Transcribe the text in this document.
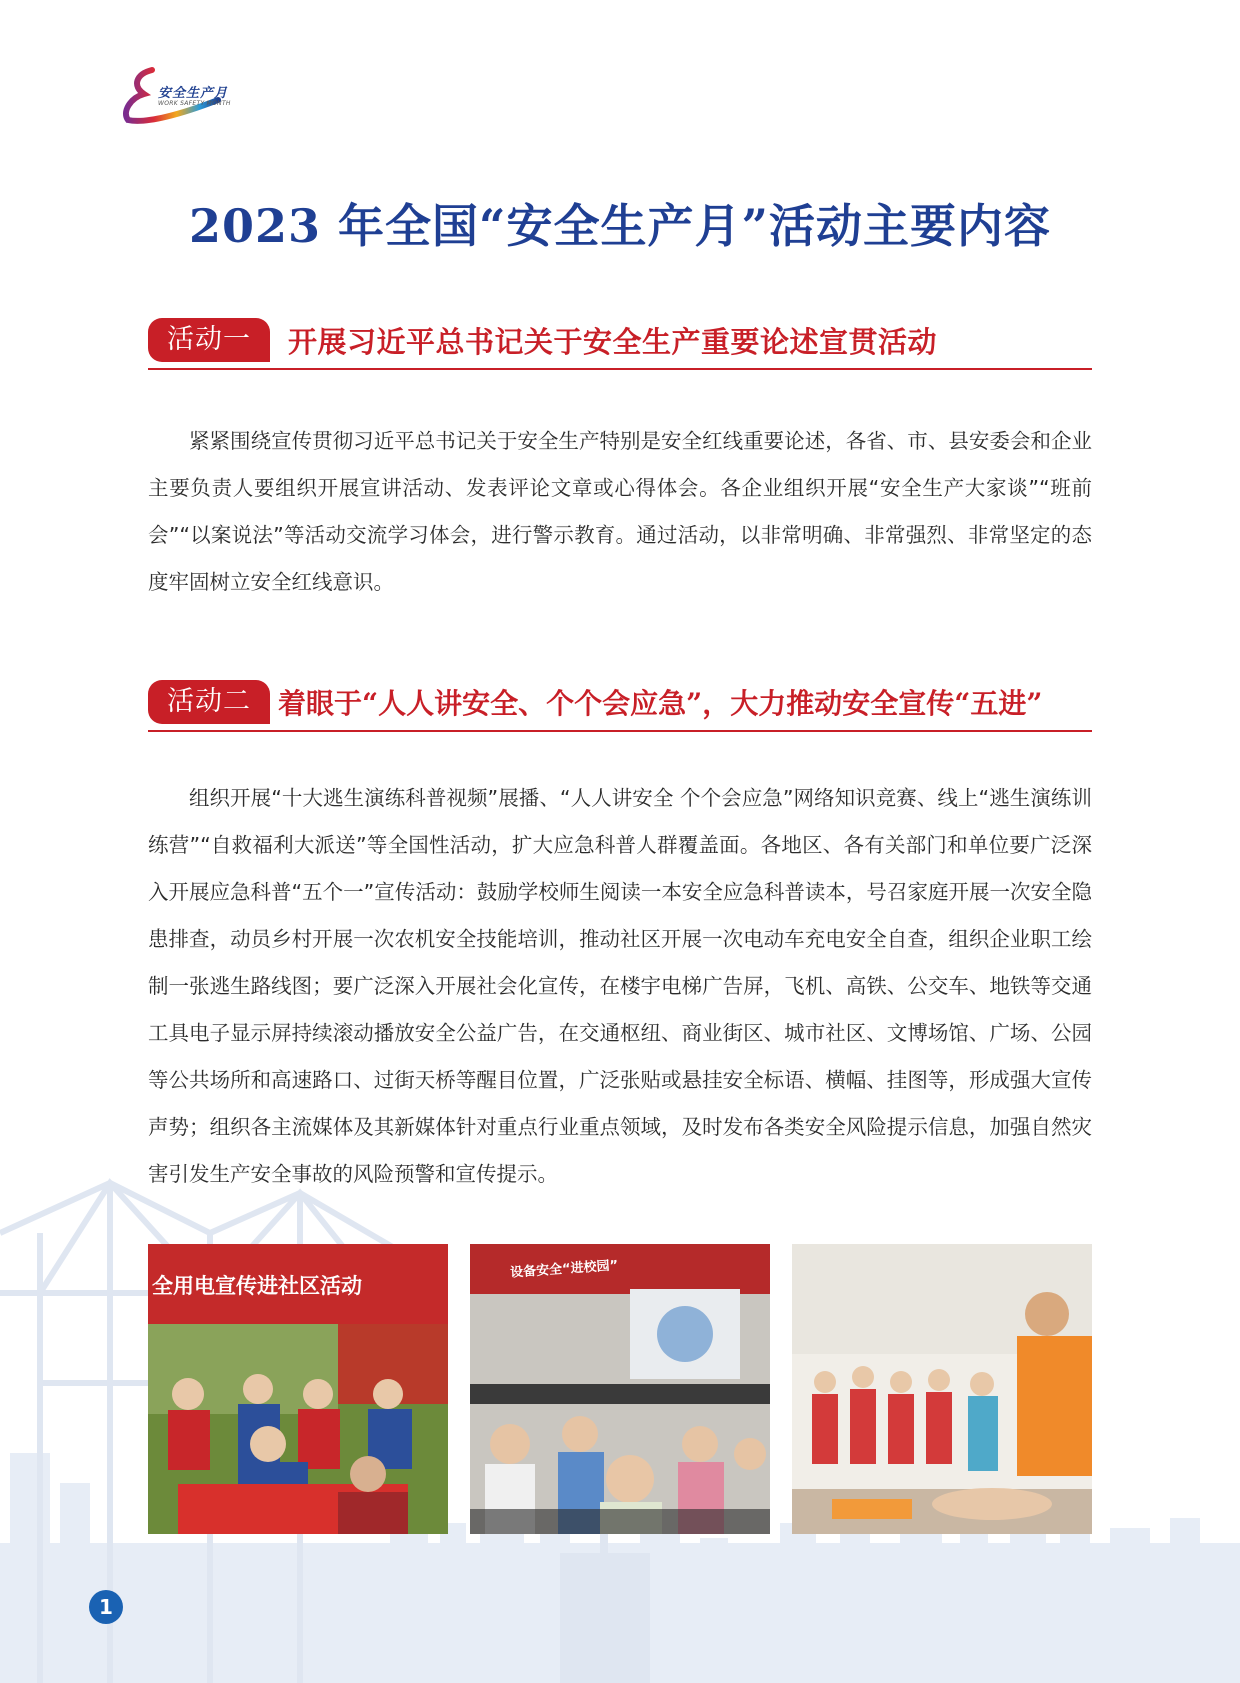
安全生产月
WORK SAFETY MONTH
2023 年全国“安全生产月”活动主要内容
活动一	开展习近平总书记关于安全生产重要论述宣贯活动

紧紧围绕宣传贯彻习近平总书记关于安全生产特别是安全红线重要论述，各省、市、县安委会和企业主要负责人要组织开展宣讲活动、发表评论文章或心得体会。各企业组织开展“安全生产大家谈”“班前会”“以案说法”等活动交流学习体会，进行警示教育。通过活动，以非常明确、非常强烈、非常坚定的态度牢固树立安全红线意识。

活动二 着眼于“人人讲安全、个个会应急”，大力推动安全宣传“五进”

组织开展“十大逃生演练科普视频”展播、“人人讲安全 个个会应急”网络知识竞赛、线上“逃生演练训练营”“自救福利大派送”等全国性活动，扩大应急科普人群覆盖面。各地区、各有关部门和单位要广泛深入开展应急科普“五个一”宣传活动：鼓励学校师生阅读一本安全应急科普读本，号召家庭开展一次安全隐患排查，动员乡村开展一次农机安全技能培训，推动社区开展一次电动车充电安全自查，组织企业职工绘制一张逃生路线图；要广泛深入开展社会化宣传，在楼宇电梯广告屏，飞机、高铁、公交车、地铁等交通工具电子显示屏持续滚动播放安全公益广告，在交通枢纽、商业街区、城市社区、文博场馆、广场、公园等公共场所和高速路口、过街天桥等醒目位置，广泛张贴或悬挂安全标语、横幅、挂图等，形成强大宣传声势；组织各主流媒体及其新媒体针对重点行业重点领域，及时发布各类安全风险提示信息，加强自然灾害引发生产安全事故的风险预警和宣传提示。

全用电宣传进社区活动
设备安全“进校园”
1
